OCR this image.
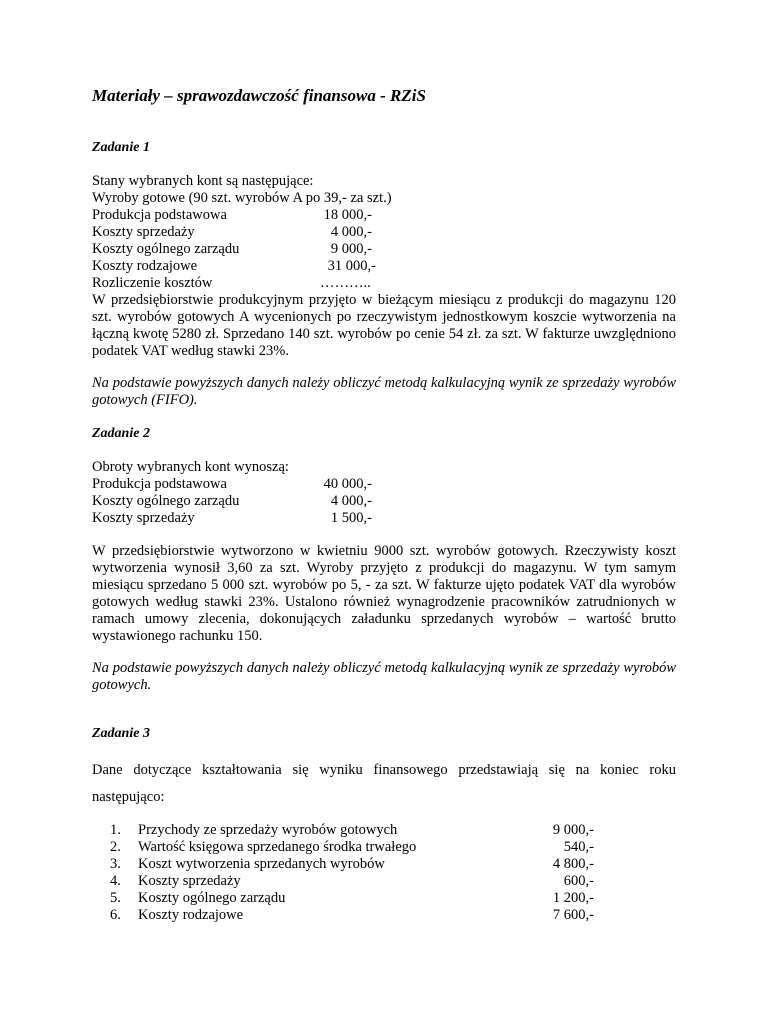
Materiały – sprawozdawczość finansowa - RZiS
Zadanie 1
Stany wybranych kont są następujące:
Wyroby gotowe (90 szt. wyrobów A po 39,- za szt.)
Produkcja podstawowa	18 000,-
Koszty sprzedaży	4 000,-
Koszty ogólnego zarządu	9 000,-
Koszty rodzajowe	31 000,-
Rozliczenie kosztów	………..
W przedsiębiorstwie produkcyjnym przyjęto w bieżącym miesiącu z produkcji do magazynu 120 szt. wyrobów gotowych A wycenionych po rzeczywistym jednostkowym koszcie wytworzenia na łączną kwotę 5280 zł. Sprzedano 140 szt. wyrobów po cenie 54 zł. za szt. W fakturze uwzględniono podatek VAT według stawki 23%.
Na podstawie powyższych danych należy obliczyć metodą kalkulacyjną wynik ze sprzedaży wyrobów gotowych (FIFO).
Zadanie 2
Obroty wybranych kont wynoszą:
Produkcja podstawowa	40 000,-
Koszty ogólnego zarządu	4 000,-
Koszty sprzedaży	1 500,-
W przedsiębiorstwie wytworzono w kwietniu 9000 szt. wyrobów gotowych. Rzeczywisty koszt wytworzenia wynosił 3,60 za szt. Wyroby przyjęto z produkcji do magazynu. W tym samym miesiącu sprzedano 5 000 szt. wyrobów po 5, - za szt. W fakturze ujęto podatek VAT dla wyrobów gotowych według stawki 23%. Ustalono również wynagrodzenie pracowników zatrudnionych w ramach umowy zlecenia, dokonujących załadunku sprzedanych wyrobów – wartość brutto wystawionego rachunku 150.
Na podstawie powyższych danych należy obliczyć metodą kalkulacyjną wynik ze sprzedaży wyrobów gotowych.
Zadanie 3
Dane dotyczące kształtowania się wyniku finansowego przedstawiają się na koniec roku
następująco:
1. Przychody ze sprzedaży wyrobów gotowych	9 000,-
2. Wartość księgowa sprzedanego środka trwałego	540,-
3. Koszt wytworzenia sprzedanych wyrobów	4 800,-
4. Koszty sprzedaży	600,-
5. Koszty ogólnego zarządu	1 200,-
6. Koszty rodzajowe	7 600,-
